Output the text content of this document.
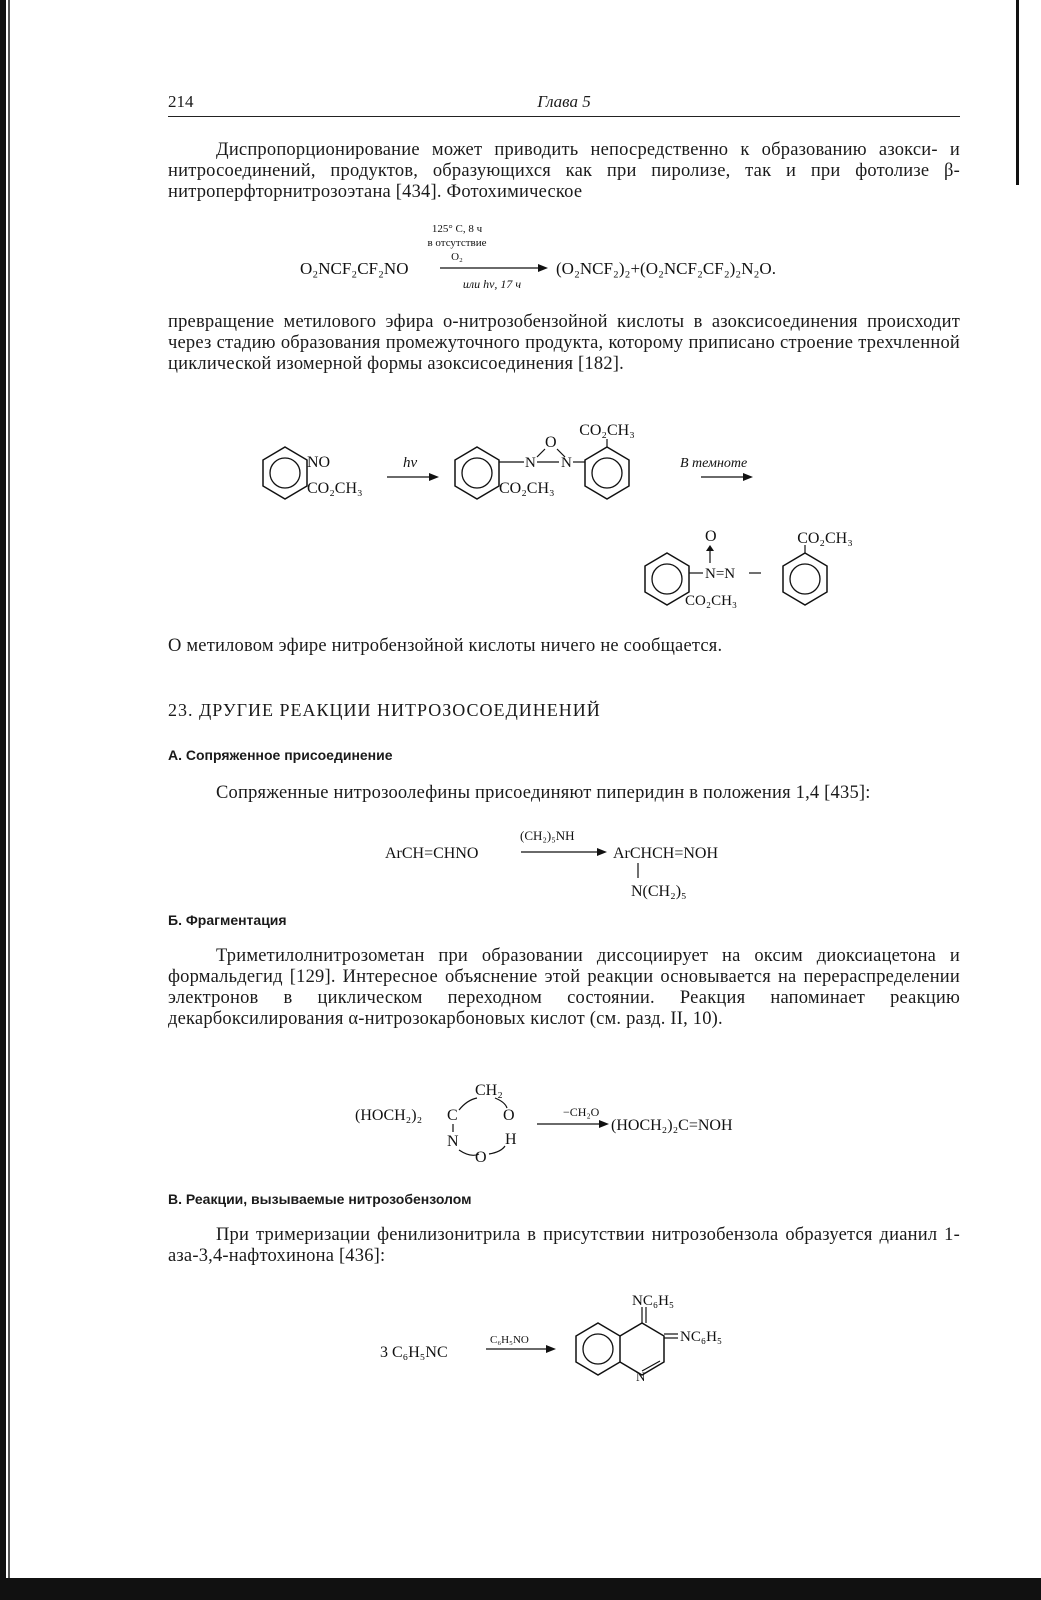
214	Глава 5

Диспропорционирование может приводить непосредственно к образованию азокси- и нитросоединений, продуктов, образующихся как при пиролизе, так и при фотолизе β-нитроперфторнитрозоэтана [434]. Фотохимическое

125° C, 8 ч
в отсутствие
O₂
O₂NCF₂CF₂NO
или hν, 17 ч
(O₂NCF₂)₂+(O₂NCF₂CF₂)₂N₂O.

превращение метилового эфира о-нитрозобензойной кислоты в азоксисоединения происходит через стадию образования промежуточного продукта, которому приписано строение трехчленной циклической изомерной формы азоксисоединения [182].

NO
CO₂CH₃
hν
O
N N
CO₂CH₃
CO₂CH₃
В темноте
O
N=N
CO₂CH₃
CO₂CH₃

О метиловом эфире нитробензойной кислоты ничего не сообщается.

23. ДРУГИЕ РЕАКЦИИ НИТРОЗОСОЕДИНЕНИЙ
А. Сопряженное присоединение

Сопряженные нитрозоолефины присоединяют пиперидин в положения 1,4 [435]:

(CH₂)₅NH
ArCH=CHNO	ArCHCH=NOH
N(CH₂)₅
Б. Фрагментация

Триметилолнитрозометан при образовании диссоциирует на оксим диоксиацетона и формальдегид [129]. Интересное объяснение этой реакции основывается на перераспределении электронов в циклическом переходном состоянии. Реакция напоминает реакцию декарбоксилирования α-нитрозокарбоновых кислот (см. разд. II, 10).

(HOCH₂)₂ C
CH₂
O
N	H
O
−CH₂O
(HOCH₂)₂C=NOH
В. Реакции, вызываемые нитрозобензолом

При тримеризации фенилизонитрила в присутствии нитрозобензола образуется дианил 1-аза-3,4-нафтохинона [436]:

3 C₆H₅NC
C₆H₅NO
NC₆H₅
NC₆H₅
N
